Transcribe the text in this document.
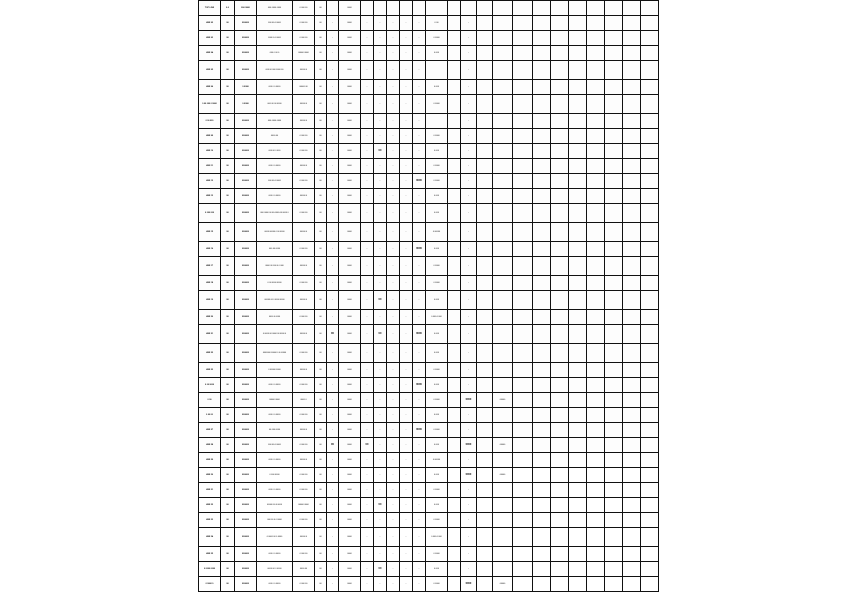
TOP LINE	0.0	000 0000	000 0000 0000	0 000 00	00		0000																		
LINE 02	00	000000	000 00 0 0000	0 000 00	00	.	0000	.	.	.	.	.	0 00		.										
LINE 03	00	000000	0000 0 0 0000	0 000 00	00	.	0000	.	.	.	.	.	0 0000		.										
LINE 04	00	000000	000 0 00 0	00000 0000	00	.	0000	.	.	.	.	.	0 000		.										
LINE 05	00	000000	000 00 000 0000 00	00000 0	00	.	0000	.	.	.	.	.			.										
LINE 06	00	0 0000	000 0 0 0000	00000 00	00	.	0000	.	.	.	.	.	0 000		.										
0 00 000 0 0000	00	0 0000	000 00 00 0000	00000 0	00	.	0000	.	.	.	.	.	0 0000		.										
0 00 000	00	000000	000 0000 0000	00000 0	00	.	0000	.	.	.	.	.			.										
LINE 09	00	000000	0000 00	0 000 00	00	.	0000	.	.	.	.	.	0 0000		.										
LINE 10	00	000000	000 00 0 000	0 000 00	00	.	0000	.	00	.	.	.	0 000		.										
LINE 11	00	000000	000 0 0 0000	00000 0	00	.	0000	.	.	.	.	.	0 0000		.										
LINE 12	00	000000	000 00 0 0000	0 000 00	00	.	0000	.	.	.	.	0000	0 0000		.										
LINE 13	00	000000	000 0 0 0000	00000 0	00	.	0000	.	.	.	.	.	0 000		.										
0 000 000	00	000000	000 0000 00 00 0000 00 0000 0	0 000 00	00	.	0000	.	.	.	.	.	0 000		.										
LINE 15	00	000000	0000 00000 0 00 0000	00000 0	00	.	0000	.	.	.	.	.	0 00000		.										
LINE 16	00	000000	000 00 0000	0 000 00	00	.	0000	.	.	.	.	0000	0 000		.										
LINE 17	00	000000	0000 00 000 0 0 000	00000 0	00	.	0000	.	.	.	.	.	0 0000		.										
LINE 18	00	000000	0 00 0000 0000	0 000 00	00	.	0000	.	.	.	.	.	0 0000		.										
LINE 19	00	000000	00000 00 0 0000 0000	00000 0	00	.	0000	.	00	.	.	.	0 000		.										
LINE 20	00	000000	0000 0 0000	0 000 00	00	.	0000	.	.	.	.	.	0 000 0 000		.										
LINE 21	00	000000	0 0000 00 0000 00 0000 0	00000 0	00	00	0000	.	00	.	.	0000	0 000		.										
LINE 22	00	000000	0000000 00000 0 0 00000	0 000 00	00	.	0000	.	.	.	.	.	0 000		.										
LINE 23	00	000000	0 00000 0000	00000 0	00	.	0000	.	.	.	.	.	0 0000		.										
0 00 0000	00	000000	000 0 0 0000	0 000 00	00	.	0000	.	.	.	.	0000	0 000		.										
0 00	00	000000	00000 0000	0000 0	00	.	0000	.	.	.	.	.	0 0000		0000		00000								
0 00 00	00	000000	000 0 0 0000	0 000 00	00	.	0000	.	.	.	.	.	0 000		.										
LINE 27	00	000000	00 000 0000	00000 0	00	.	0000	.	.	.	.	0000	0 0000		.										
LINE 28	00	000000	000 00 0 0000	0 000 00	00	00	0000	00	.	.	.	.	0 000		0000		00000								
LINE 29	00	000000	000 0 0 0000	00000 0	00	.	0000	.	.	.	.	.	0 00000		.										
LINE 30	00	000000	0 000 0000	0 000 00	00	.	0000	.	.	.	.	.	0 000		0000		00000								
LINE 31	00	000000	000 0 0 0000	0 000 00	00	.	0000	.	.	.	.	.	0 0000		.										
LINE 32	00	000000	00000 00 0 0000	00000 0000	00	.	0000	.	00	.	.	.	0 000		.										
LINE 33	00	000000	000 00 0 0 0000	0 000 00	00	.	0000	.	.	.	.	.	0 0000		.										
LINE 34	00	000000	0 0000 00 0 0000	00000 0	00	.	0000	.	.	.	.	.	0 000 0 000		.										
LINE 35	00	000000	000 0 0 0000	0 000 00	00	.	0000	.	.	.	.	.	0 0000		.										
0 0000 0000	00	000000	0000 00 0 0000	0000 00	00	.	0000	.	00	.	.	.	0 000		.										
0 0000 0	00	000000	000 0 0 0000	0 000 00	00	.	0000	.	.	.	.	.	0 0000		0000		00000								
